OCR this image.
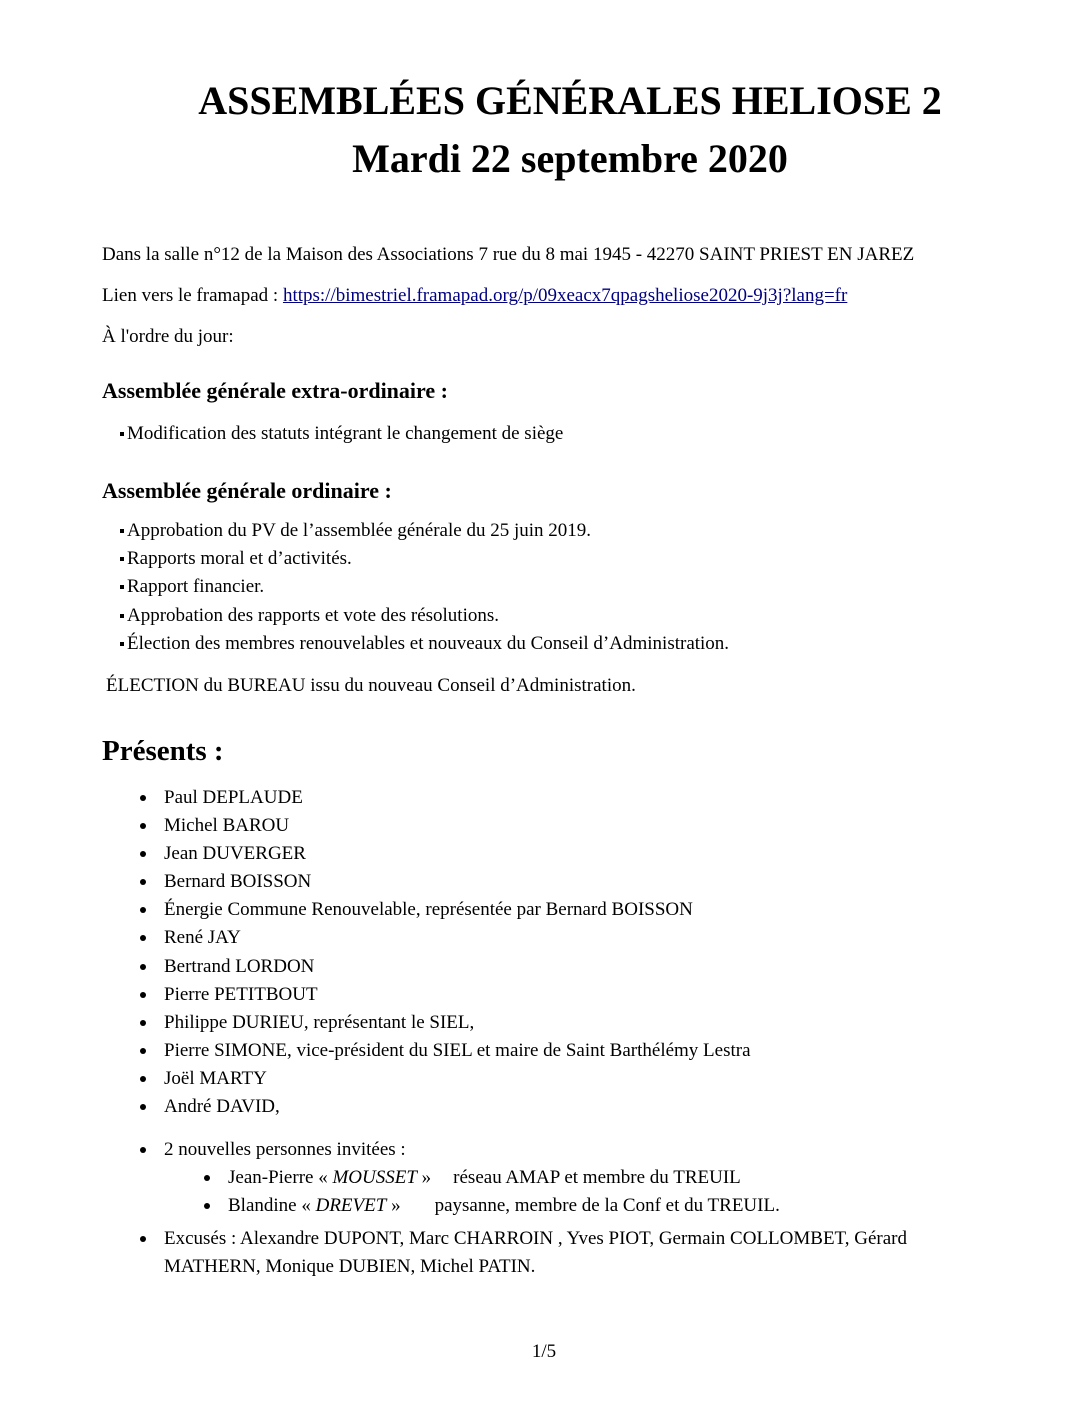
ASSEMBLÉES GÉNÉRALES HELIOSE 2
Mardi 22 septembre 2020
Dans la salle n°12 de la Maison des Associations 7 rue du 8 mai 1945 - 42270 SAINT PRIEST EN JAREZ
Lien vers le framapad : https://bimestriel.framapad.org/p/09xeacx7qpagsheliose2020-9j3j?lang=fr
À l'ordre du jour:
Assemblée générale extra-ordinaire :
Modification des statuts intégrant le changement de siège
Assemblée générale ordinaire :
Approbation du PV de l’assemblée générale du 25 juin 2019.
Rapports moral et d’activités.
Rapport financier.
Approbation des rapports et vote des résolutions.
Élection des membres renouvelables et nouveaux du Conseil d’Administration.
ÉLECTION du BUREAU issu du nouveau Conseil d’Administration.
Présents :
Paul DEPLAUDE
Michel BAROU
Jean DUVERGER
Bernard BOISSON
Énergie Commune Renouvelable, représentée par Bernard BOISSON
René JAY
Bertrand LORDON
Pierre PETITBOUT
Philippe DURIEU, représentant le SIEL,
Pierre SIMONE, vice-président du SIEL et maire de Saint Barthélémy Lestra
Joël MARTY
André DAVID,
2 nouvelles personnes invitées :
Jean-Pierre « MOUSSET » réseau AMAP et membre du TREUIL
Blandine « DREVET » paysanne, membre de la Conf et du TREUIL.
Excusés : Alexandre DUPONT, Marc CHARROIN , Yves PIOT, Germain COLLOMBET, Gérard
MATHERN, Monique DUBIEN, Michel PATIN.
1/5
